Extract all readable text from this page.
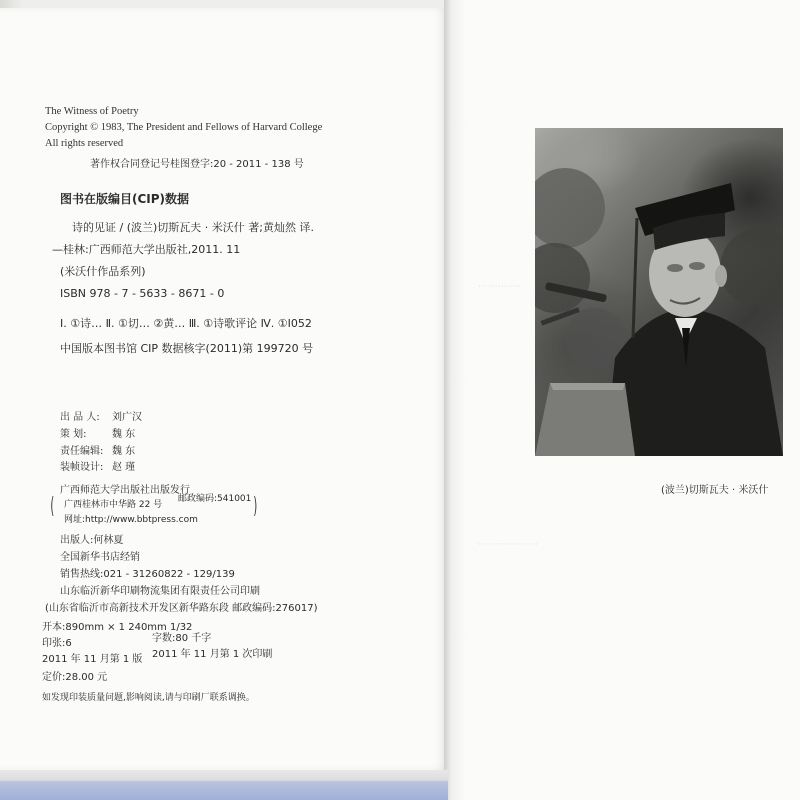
···············
·····················
The Witness of Poetry
Copyright © 1983, The President and Fellows of Harvard College
All rights reserved
著作权合同登记号桂图登字:20 - 2011 - 138 号
图书在版编目(CIP)数据
诗的见证 / (波兰)切斯瓦夫 · 米沃什 著;黄灿然 译.
—桂林:广西师范大学出版社,2011. 11
(米沃什作品系列)
ISBN 978 - 7 - 5633 - 8671 - 0
Ⅰ. ①诗… Ⅱ. ①切… ②黄… Ⅲ. ①诗歌评论 Ⅳ. ①I052
中国版本图书馆 CIP 数据核字(2011)第 199720 号
出 品 人: 刘广汉
策 划:	魏 东
责任编辑: 魏 东
装帧设计: 赵 瑾
广西师范大学出版社出版发行
( 广西桂林市中华路 22 号
邮政编码:541001
网址:http://www.bbtpress.com
)
出版人:何林夏
全国新华书店经销
销售热线:021 - 31260822 - 129/139
山东临沂新华印刷物流集团有限责任公司印刷
(山东省临沂市高新技术开发区新华路东段 邮政编码:276017)
开本:890mm × 1 240mm 1/32
印张:6	字数:80 千字
2011 年 11 月第 1 版 2011 年 11 月第 1 次印刷
定价:28.00 元
如发现印装质量问题,影响阅读,请与印刷厂联系调换。
(波兰)切斯瓦夫 · 米沃什
